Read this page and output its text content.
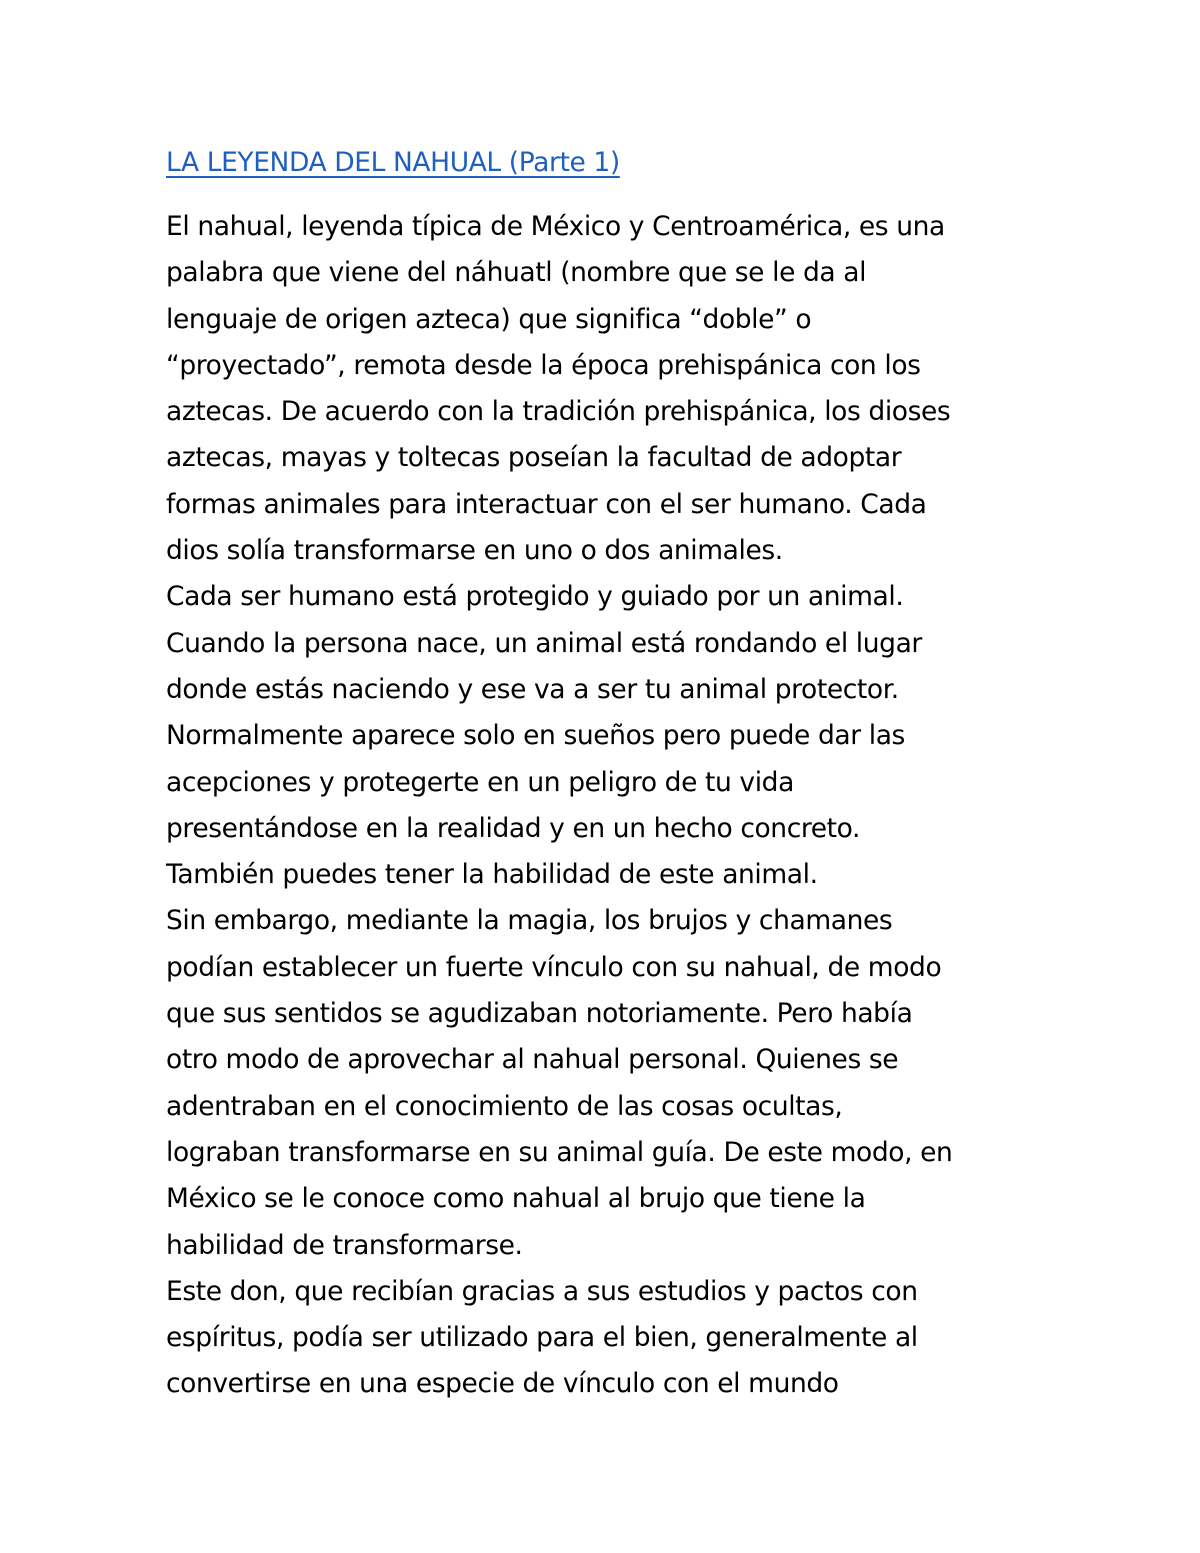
LA LEYENDA DEL NAHUAL (Parte 1)
El nahual, leyenda típica de México y Centroamérica, es una
palabra que viene del náhuatl (nombre que se le da al
lenguaje de origen azteca) que significa “doble” o
“proyectado”, remota desde la época prehispánica con los
aztecas. De acuerdo con la tradición prehispánica, los dioses
aztecas, mayas y toltecas poseían la facultad de adoptar
formas animales para interactuar con el ser humano. Cada
dios solía transformarse en uno o dos animales.
Cada ser humano está protegido y guiado por un animal.
Cuando la persona nace, un animal está rondando el lugar
donde estás naciendo y ese va a ser tu animal protector.
Normalmente aparece solo en sueños pero puede dar las
acepciones y protegerte en un peligro de tu vida
presentándose en la realidad y en un hecho concreto.
También puedes tener la habilidad de este animal.
Sin embargo, mediante la magia, los brujos y chamanes
podían establecer un fuerte vínculo con su nahual, de modo
que sus sentidos se agudizaban notoriamente. Pero había
otro modo de aprovechar al nahual personal. Quienes se
adentraban en el conocimiento de las cosas ocultas,
lograban transformarse en su animal guía. De este modo, en
México se le conoce como nahual al brujo que tiene la
habilidad de transformarse.
Este don, que recibían gracias a sus estudios y pactos con
espíritus, podía ser utilizado para el bien, generalmente al
convertirse en una especie de vínculo con el mundo
